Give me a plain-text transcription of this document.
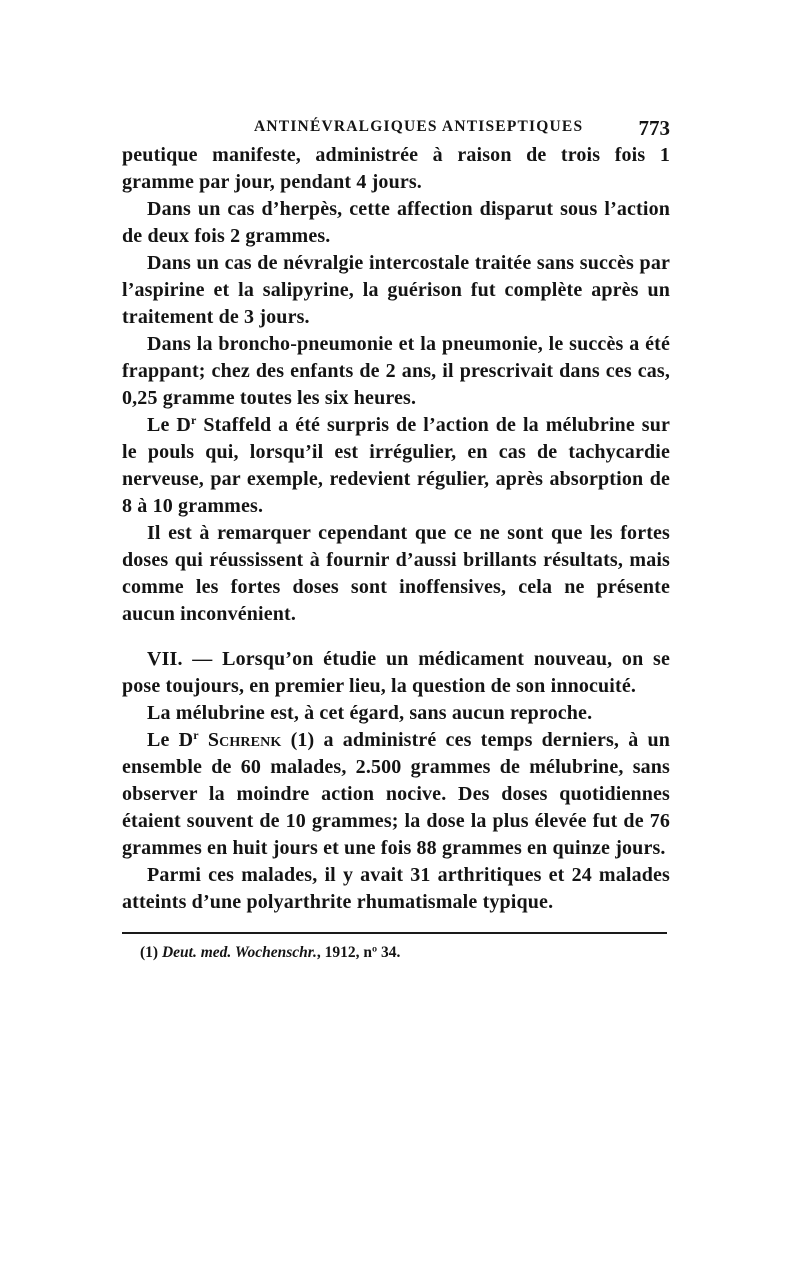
ANTINÉVRALGIQUES ANTISEPTIQUES	773

peutique manifeste, administrée à raison de trois fois 1 gramme par jour, pendant 4 jours.

Dans un cas d’herpès, cette affection disparut sous l’action de deux fois 2 grammes.

Dans un cas de névralgie intercostale traitée sans succès par l’aspirine et la salipyrine, la guérison fut complète après un traitement de 3 jours.

Dans la broncho-pneumonie et la pneumonie, le succès a été frappant; chez des enfants de 2 ans, il prescrivait dans ces cas, 0,25 gramme toutes les six heures.

Le $D^r$ Staffeld a été surpris de l’action de la mélubrine sur le pouls qui, lorsqu’il est irrégulier, en cas de tachycardie nerveuse, par exemple, redevient régulier, après absorption de 8 à 10 grammes.

Il est à remarquer cependant que ce ne sont que les fortes doses qui réussissent à fournir d’aussi brillants résultats, mais comme les fortes doses sont inoffensives, cela ne présente aucun inconvénient.

VII. — Lorsqu’on étudie un médicament nouveau, on se pose toujours, en premier lieu, la question de son innocuité.

La mélubrine est, à cet égard, sans aucun reproche.

Le $D^r$ Schrenk (1) a administré ces temps derniers, à un ensemble de 60 malades, 2.500 grammes de mélubrine, sans observer la moindre action nocive. Des doses quotidiennes étaient souvent de 10 grammes; la dose la plus élevée fut de 76 grammes en huit jours et une fois 88 grammes en quinze jours.

Parmi ces malades, il y avait 31 arthritiques et 24 malades atteints d’une polyarthrite rhumatismale typique.

(1) Deut. med. Wochenschr., 1912, nº 34.
